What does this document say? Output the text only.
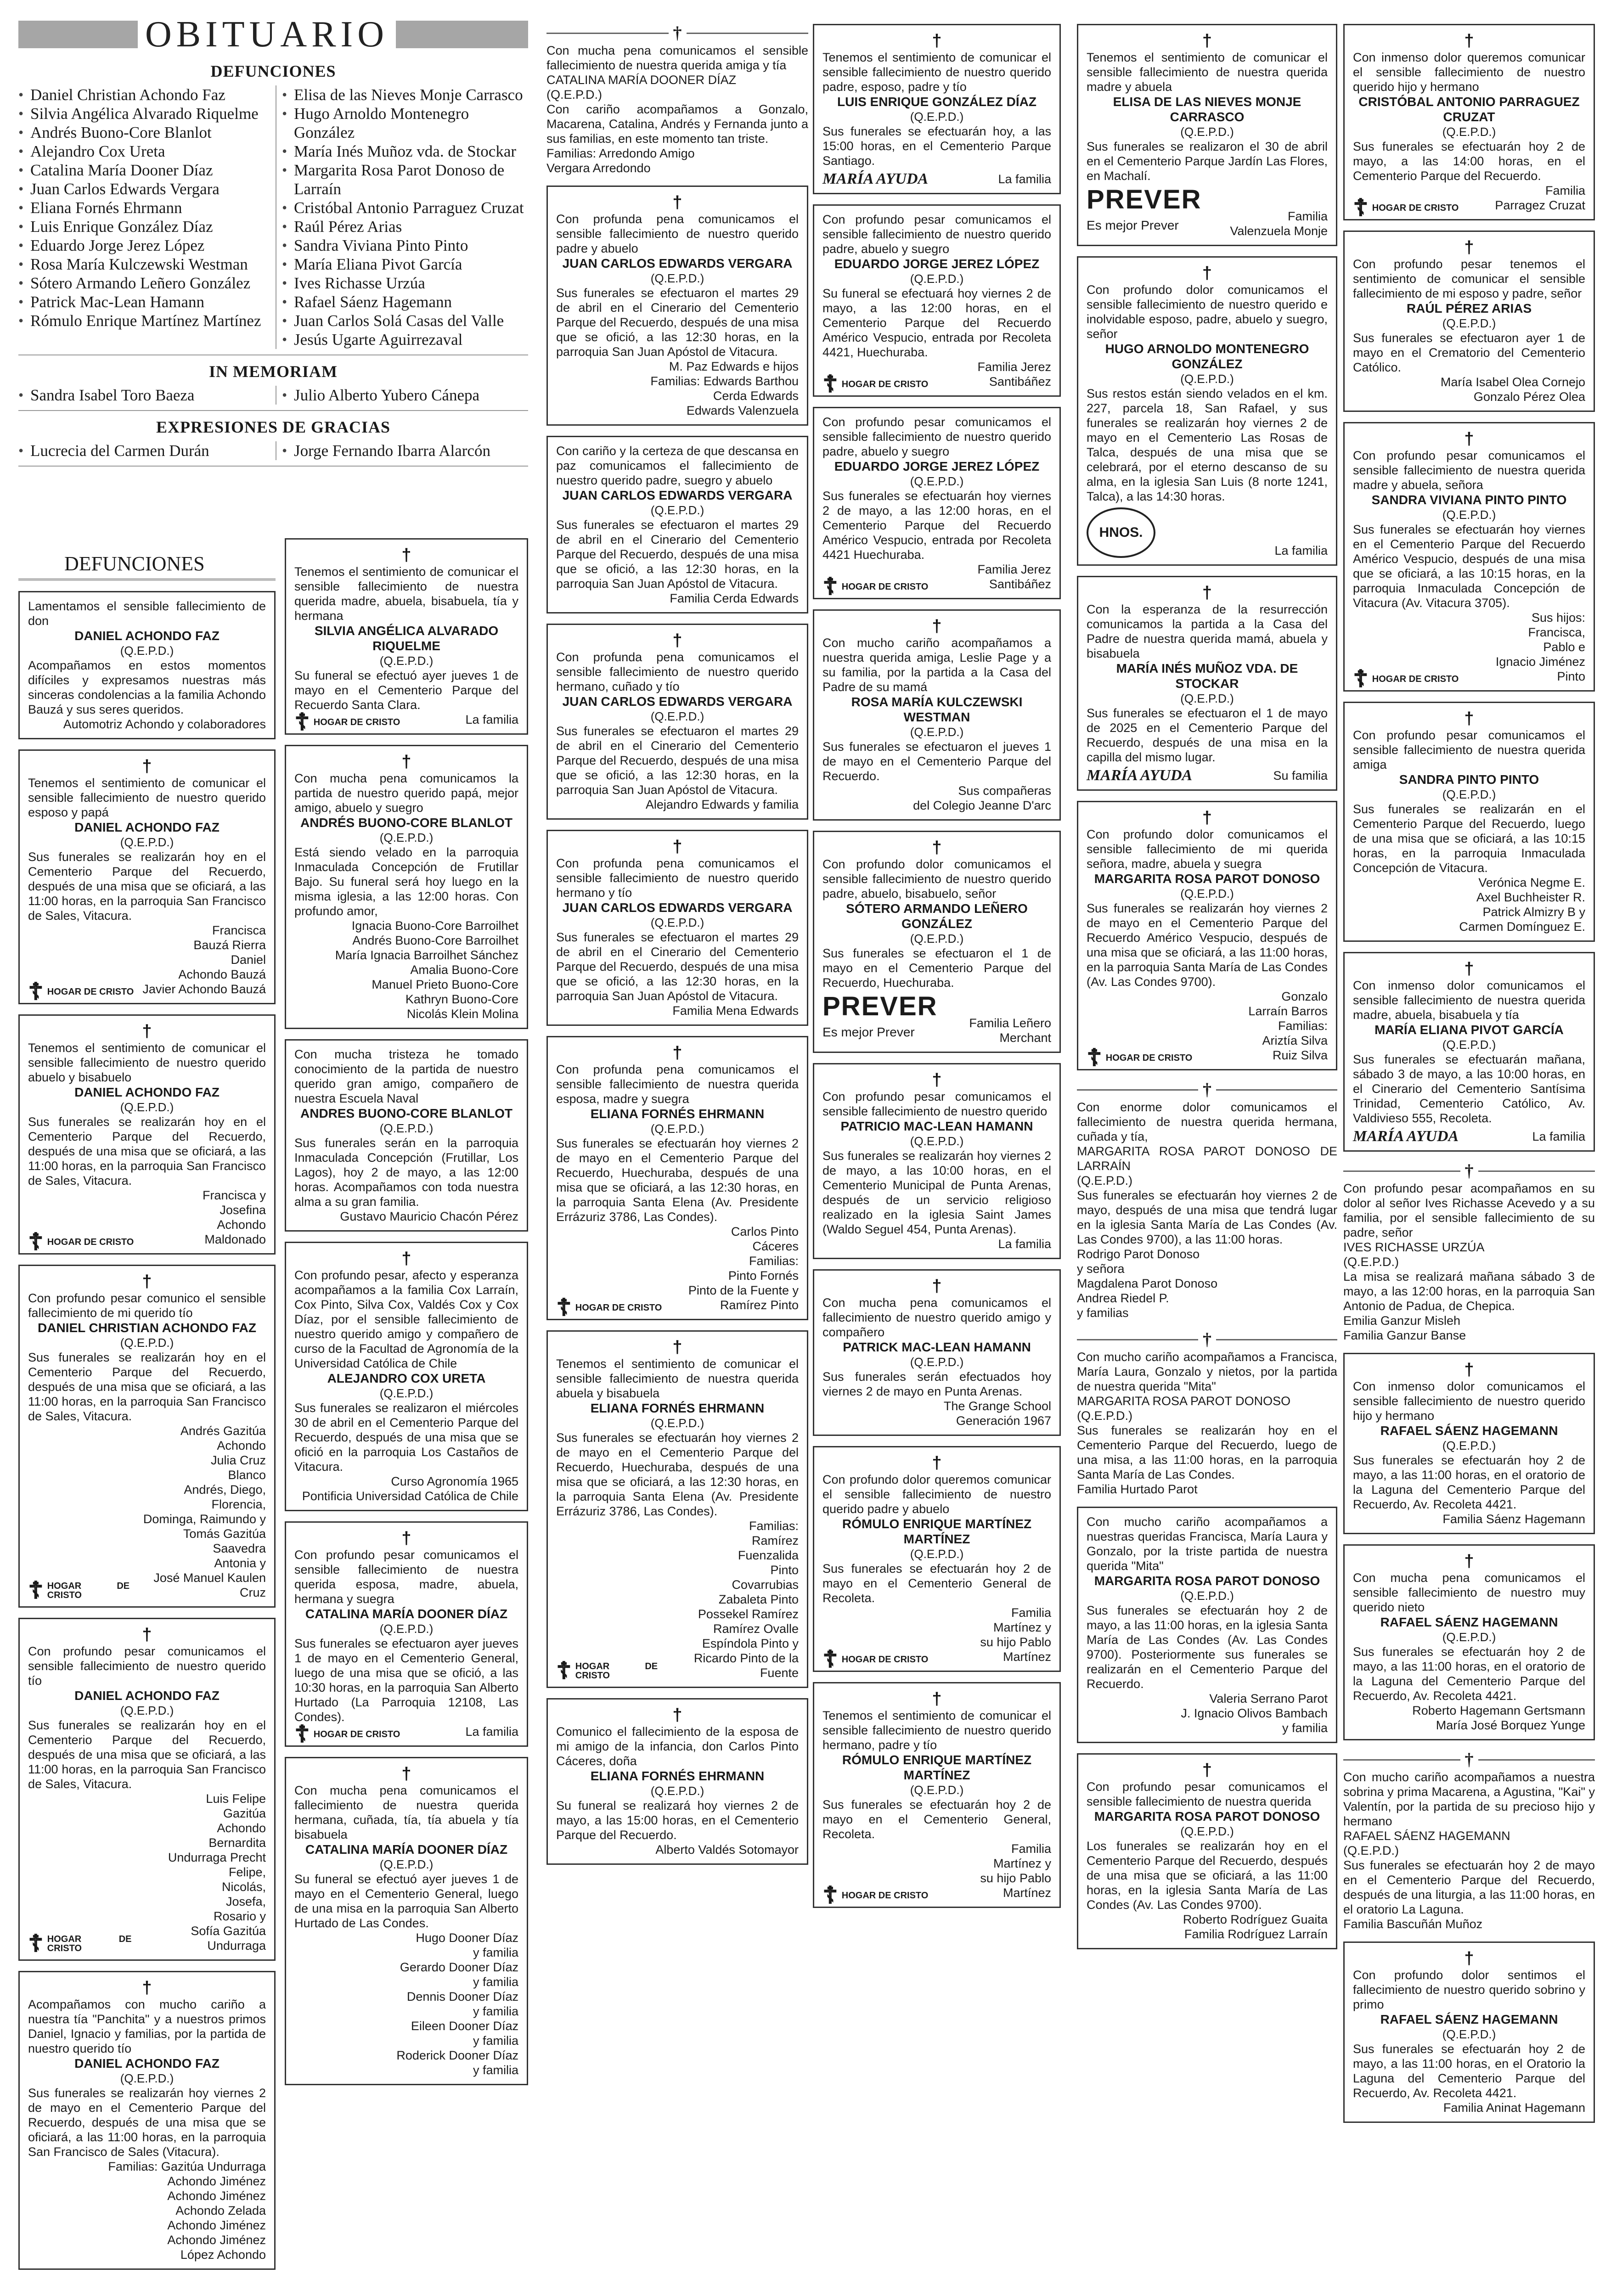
OBITUARIO
DEFUNCIONES
• Daniel Christian Achondo Faz
• Silvia Angélica Alvarado Riquelme
• Andrés Buono-Core Blanlot
• Alejandro Cox Ureta
• Catalina María Dooner Díaz
• Juan Carlos Edwards Vergara
• Eliana Fornés Ehrmann
• Luis Enrique González Díaz
• Eduardo Jorge Jerez López
• Rosa María Kulczewski Westman
• Sótero Armando Leñero González
• Patrick Mac-Lean Hamann
• Rómulo Enrique Martínez Martínez
• Elisa de las Nieves Monje Carrasco
• Hugo Arnoldo Montenegro González
• María Inés Muñoz vda. de Stockar
• Margarita Rosa Parot Donoso de Larraín
• Cristóbal Antonio Parraguez Cruzat
• Raúl Pérez Arias
• Sandra Viviana Pinto Pinto
• María Eliana Pivot García
• Ives Richasse Urzúa
• Rafael Sáenz Hagemann
• Juan Carlos Solá Casas del Valle
• Jesús Ugarte Aguirrezaval
IN MEMORIAM
• Sandra Isabel Toro Baeza	• Julio Alberto Yubero Cánepa
EXPRESIONES DE GRACIAS
• Lucrecia del Carmen Durán	• Jorge Fernando Ibarra Alarcón
DEFUNCIONES
Lamentamos el sensible fallecimiento de don
DANIEL ACHONDO FAZ
(Q.E.P.D.)
Acompañamos en estos momentos difíciles y expresamos nuestras más sinceras condolencias a la familia Achondo Bauzá y sus seres queridos.
Automotriz Achondo y colaboradores
†
Tenemos el sentimiento de comunicar el sensible fallecimiento de nuestro querido esposo y papá
DANIEL ACHONDO FAZ
(Q.E.P.D.)
Sus funerales se realizarán hoy en el Cementerio Parque del Recuerdo, después de una misa que se oficiará, a las 11:00 horas, en la parroquia San Francisco de Sales, Vitacura.
☦ HOGAR DE CRISTO
Francisca
Bauzá Rierra
Daniel
Achondo Bauzá
Javier Achondo Bauzá
†
Tenemos el sentimiento de comunicar el sensible fallecimiento de nuestro querido abuelo y bisabuelo
DANIEL ACHONDO FAZ
(Q.E.P.D.)
Sus funerales se realizarán hoy en el Cementerio Parque del Recuerdo, después de una misa que se oficiará, a las 11:00 horas, en la parroquia San Francisco de Sales, Vitacura.
☦ HOGAR DE CRISTO
Francisca y
Josefina
Achondo
Maldonado
†
Con profundo pesar comunico el sensible fallecimiento de mi querido tío
DANIEL CHRISTIAN ACHONDO FAZ
(Q.E.P.D.)
Sus funerales se realizarán hoy en el Cementerio Parque del Recuerdo, después de una misa que se oficiará, a las 11:00 horas, en la parroquia San Francisco de Sales, Vitacura.
☦ HOGAR DE CRISTO
Andrés Gazitúa
Achondo
Julia Cruz
Blanco
Andrés, Diego, Florencia,
Dominga, Raimundo y
Tomás Gazitúa Saavedra
Antonia y
José Manuel Kaulen Cruz
†
Con profundo pesar comunicamos el sensible fallecimiento de nuestro querido tío
DANIEL ACHONDO FAZ
(Q.E.P.D.)
Sus funerales se realizarán hoy en el Cementerio Parque del Recuerdo, después de una misa que se oficiará, a las 11:00 horas, en la parroquia San Francisco de Sales, Vitacura.
☦ HOGAR DE CRISTO
Luis Felipe
Gazitúa
Achondo
Bernardita
Undurraga Precht
Felipe,
Nicolás,
Josefa,
Rosario y
Sofía Gazitúa Undurraga
†
Acompañamos con mucho cariño a nuestra tía "Panchita" y a nuestros primos Daniel, Ignacio y familias, por la partida de nuestro querido tío
DANIEL ACHONDO FAZ
(Q.E.P.D.)
Sus funerales se realizarán hoy viernes 2 de mayo en el Cementerio Parque del Recuerdo, después de una misa que se oficiará, a las 11:00 horas, en la parroquia San Francisco de Sales (Vitacura).
Familias: Gazitúa Undurraga
Achondo Jiménez
Achondo Jiménez
Achondo Zelada
Achondo Jiménez
Achondo Jiménez
López Achondo
†
Tenemos el sentimiento de comunicar el sensible fallecimiento de nuestra querida madre, abuela, bisabuela, tía y hermana
SILVIA ANGÉLICA ALVARADO RIQUELME
(Q.E.P.D.)
Su funeral se efectuó ayer jueves 1 de mayo en el Cementerio Parque del Recuerdo Santa Clara.
☦ HOGAR DE CRISTO	La familia
†
Con mucha pena comunicamos la partida de nuestro querido papá, mejor amigo, abuelo y suegro
ANDRÉS BUONO-CORE BLANLOT
(Q.E.P.D.)
Está siendo velado en la parroquia Inmaculada Concepción de Frutillar Bajo. Su funeral será hoy luego en la misma iglesia, a las 12:00 horas. Con profundo amor,
Ignacia Buono-Core Barroilhet
Andrés Buono-Core Barroilhet
María Ignacia Barroilhet Sánchez
Amalia Buono-Core
Manuel Prieto Buono-Core
Kathryn Buono-Core
Nicolás Klein Molina
Con mucha tristeza he tomado conocimiento de la partida de nuestro querido gran amigo, compañero de nuestra Escuela Naval
ANDRES BUONO-CORE BLANLOT
(Q.E.P.D.)
Sus funerales serán en la parroquia Inmaculada Concepción (Frutillar, Los Lagos), hoy 2 de mayo, a las 12:00 horas. Acompañamos con toda nuestra alma a su gran familia.
Gustavo Mauricio Chacón Pérez
†
Con profundo pesar, afecto y esperanza acompañamos a la familia Cox Larraín, Cox Pinto, Silva Cox, Valdés Cox y Cox Díaz, por el sensible fallecimiento de nuestro querido amigo y compañero de curso de la Facultad de Agronomía de la Universidad Católica de Chile
ALEJANDRO COX URETA
(Q.E.P.D.)
Sus funerales se realizaron el miércoles 30 de abril en el Cementerio Parque del Recuerdo, después de una misa que se ofició en la parroquia Los Castaños de Vitacura.
Curso Agronomía 1965
Pontificia Universidad Católica de Chile
†
Con profundo pesar comunicamos el sensible fallecimiento de nuestra querida esposa, madre, abuela, hermana y suegra
CATALINA MARÍA DOONER DÍAZ
(Q.E.P.D.)
Sus funerales se efectuaron ayer jueves 1 de mayo en el Cementerio General, luego de una misa que se ofició, a las 10:30 horas, en la parroquia San Alberto Hurtado (La Parroquia 12108, Las Condes).
☦ HOGAR DE CRISTO	La familia
†
Con mucha pena comunicamos el fallecimiento de nuestra querida hermana, cuñada, tía, tía abuela y tía bisabuela
CATALINA MARÍA DOONER DÍAZ
(Q.E.P.D.)
Su funeral se efectuó ayer jueves 1 de mayo en el Cementerio General, luego de una misa en la parroquia San Alberto Hurtado de Las Condes.
Hugo Dooner Díaz
y familia
Gerardo Dooner Díaz
y familia
Dennis Dooner Díaz
y familia
Eileen Dooner Díaz
y familia
Roderick Dooner Díaz
y familia
†
Con mucha pena comunicamos el sensible fallecimiento de nuestra querida amiga y tía
CATALINA MARÍA DOONER DÍAZ
(Q.E.P.D.)
Con cariño acompañamos a Gonzalo, Macarena, Catalina, Andrés y Fernanda junto a sus familias, en este momento tan triste.
Familias: Arredondo Amigo
Vergara Arredondo
†
Con profunda pena comunicamos el sensible fallecimiento de nuestro querido padre y abuelo
JUAN CARLOS EDWARDS VERGARA
(Q.E.P.D.)
Sus funerales se efectuaron el martes 29 de abril en el Cinerario del Cementerio Parque del Recuerdo, después de una misa que se ofició, a las 12:30 horas, en la parroquia San Juan Apóstol de Vitacura.
M. Paz Edwards e hijos
Familias: Edwards Barthou
Cerda Edwards
Edwards Valenzuela
Con cariño y la certeza de que descansa en paz comunicamos el fallecimiento de nuestro querido padre, suegro y abuelo
JUAN CARLOS EDWARDS VERGARA
(Q.E.P.D.)
Sus funerales se efectuaron el martes 29 de abril en el Cinerario del Cementerio Parque del Recuerdo, después de una misa que se ofició, a las 12:30 horas, en la parroquia San Juan Apóstol de Vitacura.
Familia Cerda Edwards
†
Con profunda pena comunicamos el sensible fallecimiento de nuestro querido hermano, cuñado y tío
JUAN CARLOS EDWARDS VERGARA
(Q.E.P.D.)
Sus funerales se efectuaron el martes 29 de abril en el Cinerario del Cementerio Parque del Recuerdo, después de una misa que se ofició, a las 12:30 horas, en la parroquia San Juan Apóstol de Vitacura.
Alejandro Edwards y familia
†
Con profunda pena comunicamos el sensible fallecimiento de nuestro querido hermano y tío
JUAN CARLOS EDWARDS VERGARA
(Q.E.P.D.)
Sus funerales se efectuaron el martes 29 de abril en el Cinerario del Cementerio Parque del Recuerdo, después de una misa que se ofició, a las 12:30 horas, en la parroquia San Juan Apóstol de Vitacura.
Familia Mena Edwards
†
Con profunda pena comunicamos el sensible fallecimiento de nuestra querida esposa, madre y suegra
ELIANA FORNÉS EHRMANN
(Q.E.P.D.)
Sus funerales se efectuarán hoy viernes 2 de mayo en el Cementerio Parque del Recuerdo, Huechuraba, después de una misa que se oficiará, a las 12:30 horas, en la parroquia Santa Elena (Av. Presidente Errázuriz 3786, Las Condes).
☦ HOGAR DE CRISTO
Carlos Pinto
Cáceres
Familias:
Pinto Fornés
Pinto de la Fuente y
Ramírez Pinto
†
Tenemos el sentimiento de comunicar el sensible fallecimiento de nuestra querida abuela y bisabuela
ELIANA FORNÉS EHRMANN
(Q.E.P.D.)
Sus funerales se efectuarán hoy viernes 2 de mayo en el Cementerio Parque del Recuerdo, Huechuraba, después de una misa que se oficiará, a las 12:30 horas, en la parroquia Santa Elena (Av. Presidente Errázuriz 3786, Las Condes).
☦ HOGAR DE CRISTO
Familias:
Ramírez
Fuenzalida
Pinto
Covarrubias
Zabaleta Pinto
Possekel Ramírez
Ramírez Ovalle
Espíndola Pinto y
Ricardo Pinto de la Fuente
†
Comunico el fallecimiento de la esposa de mi amigo de la infancia, don Carlos Pinto Cáceres, doña
ELIANA FORNÉS EHRMANN
(Q.E.P.D.)
Su funeral se realizará hoy viernes 2 de mayo, a las 15:00 horas, en el Cementerio Parque del Recuerdo.
Alberto Valdés Sotomayor
†
Tenemos el sentimiento de comunicar el sensible fallecimiento de nuestro querido padre, esposo, padre y tío
LUIS ENRIQUE GONZÁLEZ DÍAZ
(Q.E.P.D.)
Sus funerales se efectuarán hoy, a las 15:00 horas, en el Cementerio Parque Santiago.
MARÍA AYUDA	La familia
Con profundo pesar comunicamos el sensible fallecimiento de nuestro querido padre, abuelo y suegro
EDUARDO JORGE JEREZ LÓPEZ
(Q.E.P.D.)
Su funeral se efectuará hoy viernes 2 de mayo, a las 12:00 horas, en el Cementerio Parque del Recuerdo Américo Vespucio, entrada por Recoleta 4421, Huechuraba.
☦ HOGAR DE CRISTO
Familia Jerez
Santibáñez
Con profundo pesar comunicamos el sensible fallecimiento de nuestro querido padre, abuelo y suegro
EDUARDO JORGE JEREZ LÓPEZ
(Q.E.P.D.)
Sus funerales se efectuarán hoy viernes 2 de mayo, a las 12:00 horas, en el Cementerio Parque del Recuerdo Américo Vespucio, entrada por Recoleta 4421 Huechuraba.
☦ HOGAR DE CRISTO
Familia Jerez
Santibáñez
†
Con mucho cariño acompañamos a nuestra querida amiga, Leslie Page y a su familia, por la partida a la Casa del Padre de su mamá
ROSA MARÍA KULCZEWSKI WESTMAN
(Q.E.P.D.)
Sus funerales se efectuaron el jueves 1 de mayo en el Cementerio Parque del Recuerdo.
Sus compañeras
del Colegio Jeanne D'arc
†
Con profundo dolor comunicamos el sensible fallecimiento de nuestro querido padre, abuelo, bisabuelo, señor
SÓTERO ARMANDO LEÑERO GONZÁLEZ
(Q.E.P.D.)
Sus funerales se efectuaron el 1 de mayo en el Cementerio Parque del Recuerdo, Huechuraba.
PREVER
Es mejor Prever
Familia Leñero
Merchant
†
Con profundo pesar comunicamos el sensible fallecimiento de nuestro querido
PATRICIO MAC-LEAN HAMANN
(Q.E.P.D.)
Sus funerales se realizarán hoy viernes 2 de mayo, a las 10:00 horas, en el Cementerio Municipal de Punta Arenas, después de un servicio religioso realizado en la iglesia Saint James (Waldo Seguel 454, Punta Arenas).
La familia
†
Con mucha pena comunicamos el fallecimiento de nuestro querido amigo y compañero
PATRICK MAC-LEAN HAMANN
(Q.E.P.D.)
Sus funerales serán efectuados hoy viernes 2 de mayo en Punta Arenas.
The Grange School
Generación 1967
†
Con profundo dolor queremos comunicar el sensible fallecimiento de nuestro querido padre y abuelo
RÓMULO ENRIQUE MARTÍNEZ MARTÍNEZ
(Q.E.P.D.)
Sus funerales se efectuarán hoy 2 de mayo en el Cementerio General de Recoleta.
☦ HOGAR DE CRISTO
Familia
Martínez y
su hijo Pablo
Martínez
†
Tenemos el sentimiento de comunicar el sensible fallecimiento de nuestro querido hermano, padre y tío
RÓMULO ENRIQUE MARTÍNEZ MARTÍNEZ
(Q.E.P.D.)
Sus funerales se efectuarán hoy 2 de mayo en el Cementerio General, Recoleta.
☦ HOGAR DE CRISTO
Familia
Martínez y
su hijo Pablo
Martínez
†
Tenemos el sentimiento de comunicar el sensible fallecimiento de nuestra querida madre y abuela
ELISA DE LAS NIEVES MONJE CARRASCO
(Q.E.P.D.)
Sus funerales se realizaron el 30 de abril en el Cementerio Parque Jardín Las Flores, en Machalí.
PREVER
Es mejor Prever
Familia
Valenzuela Monje
†
Con profundo dolor comunicamos el sensible fallecimiento de nuestro querido e inolvidable esposo, padre, abuelo y suegro, señor
HUGO ARNOLDO MONTENEGRO GONZÁLEZ
(Q.E.P.D.)
Sus restos están siendo velados en el km. 227, parcela 18, San Rafael, y sus funerales se realizarán hoy viernes 2 de mayo en el Cementerio Las Rosas de Talca, después de una misa que se celebrará, por el eterno descanso de su alma, en la iglesia San Luis (8 norte 1241, Talca), a las 14:30 horas.
HNOS.
La familia
†
Con la esperanza de la resurrección comunicamos la partida a la Casa del Padre de nuestra querida mamá, abuela y bisabuela
MARÍA INÉS MUÑOZ VDA. DE STOCKAR
(Q.E.P.D.)
Sus funerales se efectuaron el 1 de mayo de 2025 en el Cementerio Parque del Recuerdo, después de una misa en la capilla del mismo lugar.
MARÍA AYUDA	Su familia
†
Con profundo dolor comunicamos el sensible fallecimiento de mi querida señora, madre, abuela y suegra
MARGARITA ROSA PAROT DONOSO
(Q.E.P.D.)
Sus funerales se realizarán hoy viernes 2 de mayo en el Cementerio Parque del Recuerdo Américo Vespucio, después de una misa que se oficiará, a las 11:00 horas, en la parroquia Santa María de Las Condes (Av. Las Condes 9700).
☦ HOGAR DE CRISTO
Gonzalo
Larraín Barros
Familias:
Ariztía Silva
Ruiz Silva
†
Con enorme dolor comunicamos el fallecimiento de nuestra querida hermana, cuñada y tía,
MARGARITA ROSA PAROT DONOSO DE LARRAÍN
(Q.E.P.D.)
Sus funerales se efectuarán hoy viernes 2 de mayo, después de una misa que tendrá lugar en la iglesia Santa María de Las Condes (Av. Las Condes 9700), a las 11:00 horas.
Rodrigo Parot Donoso
y señora
Magdalena Parot Donoso
Andrea Riedel P.
y familias
†
Con mucho cariño acompañamos a Francisca, María Laura, Gonzalo y nietos, por la partida de nuestra querida "Mita"
MARGARITA ROSA PAROT DONOSO
(Q.E.P.D.)
Sus funerales se realizarán hoy en el Cementerio Parque del Recuerdo, luego de una misa, a las 11:00 horas, en la parroquia Santa María de Las Condes.
Familia Hurtado Parot
Con mucho cariño acompañamos a nuestras queridas Francisca, María Laura y Gonzalo, por la triste partida de nuestra querida "Mita"
MARGARITA ROSA PAROT DONOSO
(Q.E.P.D.)
Sus funerales se efectuarán hoy 2 de mayo, a las 11:00 horas, en la iglesia Santa María de Las Condes (Av. Las Condes 9700). Posteriormente sus funerales se realizarán en el Cementerio Parque del Recuerdo.
Valeria Serrano Parot
J. Ignacio Olivos Bambach
y familia
†
Con profundo pesar comunicamos el sensible fallecimiento de nuestra querida
MARGARITA ROSA PAROT DONOSO
(Q.E.P.D.)
Los funerales se realizarán hoy en el Cementerio Parque del Recuerdo, después de una misa que se oficiará, a las 11:00 horas, en la iglesia Santa María de Las Condes (Av. Las Condes 9700).
Roberto Rodríguez Guaita
Familia Rodríguez Larraín
†
Con inmenso dolor queremos comunicar el sensible fallecimiento de nuestro querido hijo y hermano
CRISTÓBAL ANTONIO PARRAGUEZ CRUZAT
(Q.E.P.D.)
Sus funerales se efectuarán hoy 2 de mayo, a las 14:00 horas, en el Cementerio Parque del Recuerdo.
☦ HOGAR DE CRISTO
Familia
Parragez Cruzat
†
Con profundo pesar tenemos el sentimiento de comunicar el sensible fallecimiento de mi esposo y padre, señor
RAÚL PÉREZ ARIAS
(Q.E.P.D.)
Sus funerales se efectuaron ayer 1 de mayo en el Crematorio del Cementerio Católico.
María Isabel Olea Cornejo
Gonzalo Pérez Olea
†
Con profundo pesar comunicamos el sensible fallecimiento de nuestra querida madre y abuela, señora
SANDRA VIVIANA PINTO PINTO
(Q.E.P.D.)
Sus funerales se efectuarán hoy viernes en el Cementerio Parque del Recuerdo Américo Vespucio, después de una misa que se oficiará, a las 10:15 horas, en la parroquia Inmaculada Concepción de Vitacura (Av. Vitacura 3705).
☦ HOGAR DE CRISTO
Sus hijos:
Francisca,
Pablo e
Ignacio Jiménez
Pinto
†
Con profundo pesar comunicamos el sensible fallecimiento de nuestra querida amiga
SANDRA PINTO PINTO
(Q.E.P.D.)
Sus funerales se realizarán en el Cementerio Parque del Recuerdo, luego de una misa que se oficiará, a las 10:15 horas, en la parroquia Inmaculada Concepción de Vitacura.
Verónica Negme E.
Axel Buchheister R.
Patrick Almizry B y
Carmen Domínguez E.
†
Con inmenso dolor comunicamos el sensible fallecimiento de nuestra querida madre, abuela, bisabuela y tía
MARÍA ELIANA PIVOT GARCÍA
(Q.E.P.D.)
Sus funerales se efectuarán mañana, sábado 3 de mayo, a las 10:00 horas, en el Cinerario del Cementerio Santísima Trinidad, Cementerio Católico, Av. Valdivieso 555, Recoleta.
MARÍA AYUDA	La familia
†
Con profundo pesar acompañamos en su dolor al señor Ives Richasse Acevedo y a su familia, por el sensible fallecimiento de su padre, señor
IVES RICHASSE URZÚA
(Q.E.P.D.)
La misa se realizará mañana sábado 3 de mayo, a las 12:00 horas, en la parroquia San Antonio de Padua, de Chepica.
Emilia Ganzur Misleh
Familia Ganzur Banse
†
Con inmenso dolor comunicamos el sensible fallecimiento de nuestro querido hijo y hermano
RAFAEL SÁENZ HAGEMANN
(Q.E.P.D.)
Sus funerales se efectuarán hoy 2 de mayo, a las 11:00 horas, en el oratorio de la Laguna del Cementerio Parque del Recuerdo, Av. Recoleta 4421.
Familia Sáenz Hagemann
†
Con mucha pena comunicamos el sensible fallecimiento de nuestro muy querido nieto
RAFAEL SÁENZ HAGEMANN
(Q.E.P.D.)
Sus funerales se efectuarán hoy 2 de mayo, a las 11:00 horas, en el oratorio de la Laguna del Cementerio Parque del Recuerdo, Av. Recoleta 4421.
Roberto Hagemann Gertsmann
María José Borquez Yunge
†
Con mucho cariño acompañamos a nuestra sobrina y prima Macarena, a Agustina, "Kai" y Valentín, por la partida de su precioso hijo y hermano
RAFAEL SÁENZ HAGEMANN
(Q.E.P.D.)
Sus funerales se efectuarán hoy 2 de mayo en el Cementerio Parque del Recuerdo, después de una liturgia, a las 11:00 horas, en el oratorio La Laguna.
Familia Bascuñán Muñoz
†
Con profundo dolor sentimos el fallecimiento de nuestro querido sobrino y primo
RAFAEL SÁENZ HAGEMANN
(Q.E.P.D.)
Sus funerales se efectuarán hoy 2 de mayo, a las 11:00 horas, en el Oratorio la Laguna del Cementerio Parque del Recuerdo, Av. Recoleta 4421.
Familia Aninat Hagemann
